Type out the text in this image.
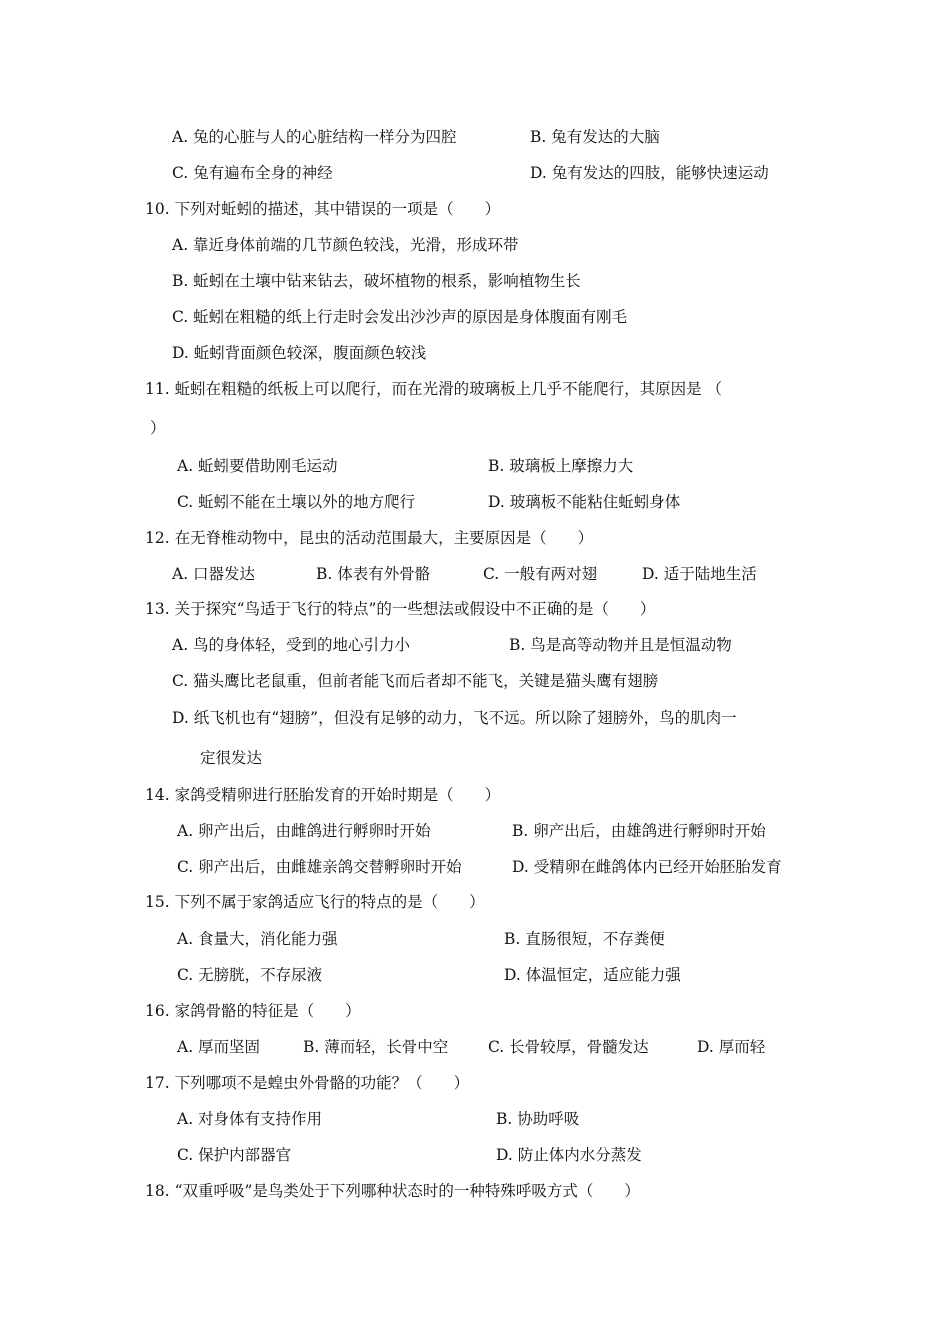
A. 兔的心脏与人的心脏结构一样分为四腔	B. 兔有发达的大脑
C. 兔有遍布全身的神经	D. 兔有发达的四肢，能够快速运动
10. 下列对蚯蚓的描述，其中错误的一项是（　　）
A. 靠近身体前端的几节颜色较浅，光滑，形成环带
B. 蚯蚓在土壤中钻来钻去，破坏植物的根系，影响植物生长
C. 蚯蚓在粗糙的纸上行走时会发出沙沙声的原因是身体腹面有刚毛
D. 蚯蚓背面颜色较深，腹面颜色较浅
11. 蚯蚓在粗糙的纸板上可以爬行，而在光滑的玻璃板上几乎不能爬行，其原因是 （
）
A. 蚯蚓要借助刚毛运动	B. 玻璃板上摩擦力大
C. 蚯蚓不能在土壤以外的地方爬行	D. 玻璃板不能粘住蚯蚓身体
12. 在无脊椎动物中，昆虫的活动范围最大，主要原因是（　　）
A. 口器发达	B. 体表有外骨骼	C. 一般有两对翅	D. 适于陆地生活
13. 关于探究“鸟适于飞行的特点”的一些想法或假设中不正确的是（　　）
A. 鸟的身体轻，受到的地心引力小	B. 鸟是高等动物并且是恒温动物
C. 猫头鹰比老鼠重，但前者能飞而后者却不能飞，关键是猫头鹰有翅膀
D. 纸飞机也有“翅膀”，但没有足够的动力，飞不远。所以除了翅膀外，鸟的肌肉一
定很发达
14. 家鸽受精卵进行胚胎发育的开始时期是（　　）
A. 卵产出后，由雌鸽进行孵卵时开始	B. 卵产出后，由雄鸽进行孵卵时开始
C. 卵产出后，由雌雄亲鸽交替孵卵时开始	D. 受精卵在雌鸽体内已经开始胚胎发育
15. 下列不属于家鸽适应飞行的特点的是（　　）
A. 食量大，消化能力强	B. 直肠很短，不存粪便
C. 无膀胱，不存尿液	D. 体温恒定，适应能力强
16. 家鸽骨骼的特征是（　　）
A. 厚而坚固	B. 薄而轻，长骨中空	C. 长骨较厚，骨髓发达	D. 厚而轻
17. 下列哪项不是蝗虫外骨骼的功能？（　　）
A. 对身体有支持作用	B. 协助呼吸
C. 保护内部器官	D. 防止体内水分蒸发
18. “双重呼吸”是鸟类处于下列哪种状态时的一种特殊呼吸方式（　　）
